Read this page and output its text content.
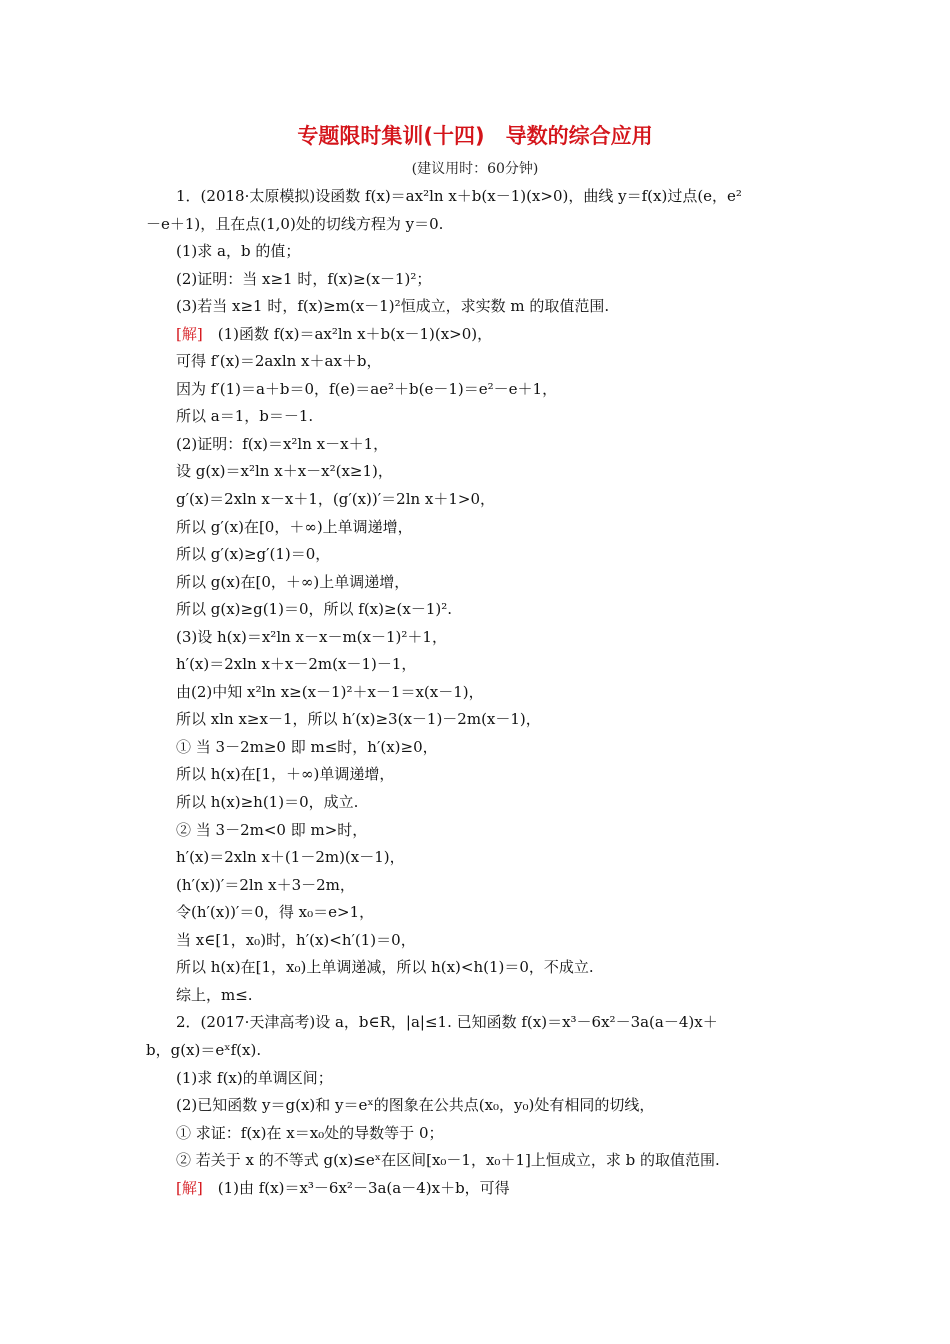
专题限时集训(十四)　导数的综合应用
(建议用时：60分钟)
1．(2018·太原模拟)设函数 f(x)＝ax²ln x＋b(x－1)(x>0)，曲线 y＝f(x)过点(e，e²
－e＋1)，且在点(1,0)处的切线方程为 y＝0.
(1)求 a，b 的值；
(2)证明：当 x≥1 时，f(x)≥(x－1)²；
(3)若当 x≥1 时，f(x)≥m(x－1)²恒成立，求实数 m 的取值范围.
[解]　(1)函数 f(x)＝ax²ln x＋b(x－1)(x>0)，
可得 f′(x)＝2axln x＋ax＋b，
因为 f′(1)＝a＋b＝0，f(e)＝ae²＋b(e－1)＝e²－e＋1，
所以 a＝1，b＝－1.
(2)证明：f(x)＝x²ln x－x＋1，
设 g(x)＝x²ln x＋x－x²(x≥1)，
g′(x)＝2xln x－x＋1，(g′(x))′＝2ln x＋1>0，
所以 g′(x)在[0，＋∞)上单调递增，
所以 g′(x)≥g′(1)＝0，
所以 g(x)在[0，＋∞)上单调递增，
所以 g(x)≥g(1)＝0，所以 f(x)≥(x－1)².
(3)设 h(x)＝x²ln x－x－m(x－1)²＋1，
h′(x)＝2xln x＋x－2m(x－1)－1，
由(2)中知 x²ln x≥(x－1)²＋x－1＝x(x－1)，
所以 xln x≥x－1，所以 h′(x)≥3(x－1)－2m(x－1)，
① 当 3－2m≥0 即 m≤时，h′(x)≥0，
所以 h(x)在[1，＋∞)单调递增，
所以 h(x)≥h(1)＝0，成立.
② 当 3－2m<0 即 m>时，
h′(x)＝2xln x＋(1－2m)(x－1)，
(h′(x))′＝2ln x＋3－2m，
令(h′(x))′＝0，得 x₀＝e>1，
当 x∈[1，x₀)时，h′(x)<h′(1)＝0，
所以 h(x)在[1，x₀)上单调递减，所以 h(x)<h(1)＝0，不成立.
综上，m≤.
2．(2017·天津高考)设 a，b∈R，|a|≤1. 已知函数 f(x)＝x³－6x²－3a(a－4)x＋
b，g(x)＝eˣf(x).
(1)求 f(x)的单调区间；
(2)已知函数 y＝g(x)和 y＝eˣ的图象在公共点(x₀，y₀)处有相同的切线，
① 求证：f(x)在 x＝x₀处的导数等于 0；
② 若关于 x 的不等式 g(x)≤eˣ在区间[x₀－1，x₀＋1]上恒成立，求 b 的取值范围.
[解]　(1)由 f(x)＝x³－6x²－3a(a－4)x＋b，可得
